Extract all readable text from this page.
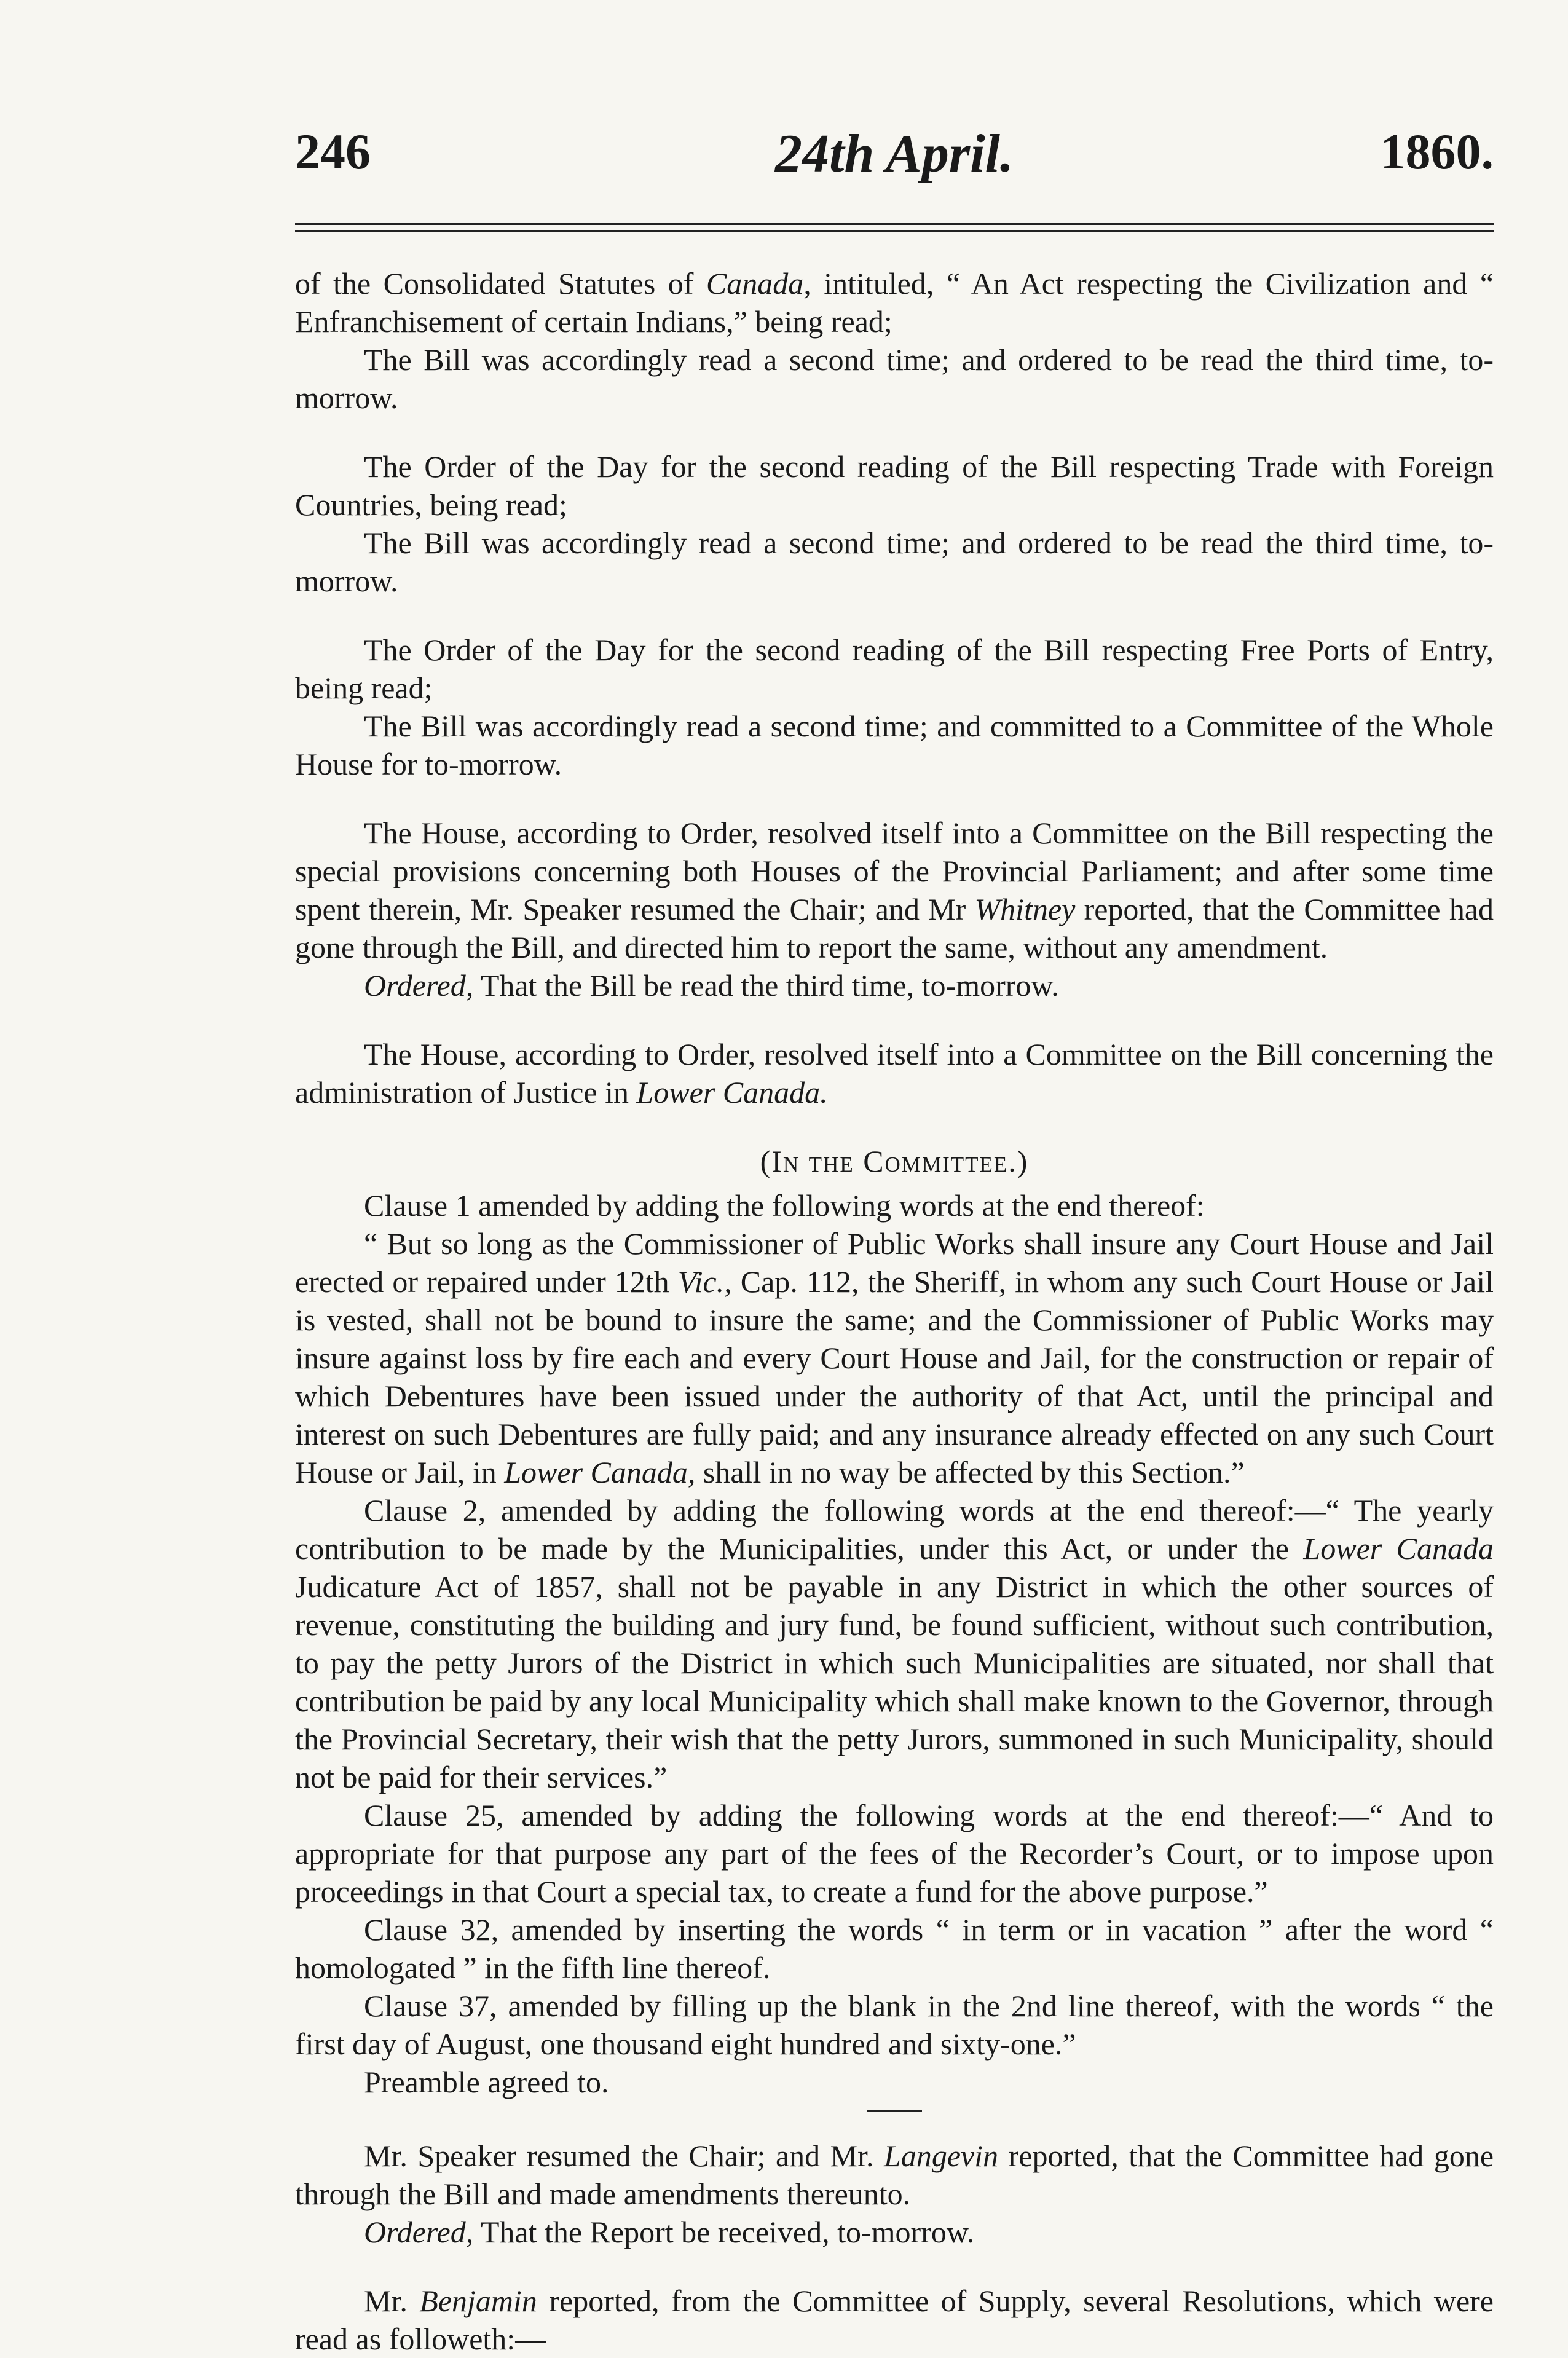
246	24th April.	1860.

of the Consolidated Statutes of Canada, intituled, “ An Act respecting the Civilization and “ Enfranchisement of certain Indians,” being read;

The Bill was accordingly read a second time; and ordered to be read the third time, to-morrow.

The Order of the Day for the second reading of the Bill respecting Trade with Foreign Countries, being read;

The Bill was accordingly read a second time; and ordered to be read the third time, to-morrow.

The Order of the Day for the second reading of the Bill respecting Free Ports of Entry, being read;

The Bill was accordingly read a second time; and committed to a Committee of the Whole House for to-morrow.

The House, according to Order, resolved itself into a Committee on the Bill respecting the special provisions concerning both Houses of the Provincial Parliament; and after some time spent therein, Mr. Speaker resumed the Chair; and Mr Whitney reported, that the Committee had gone through the Bill, and directed him to report the same, without any amendment.

Ordered, That the Bill be read the third time, to-morrow.

The House, according to Order, resolved itself into a Committee on the Bill concerning the administration of Justice in Lower Canada.

(In the Committee.)

Clause 1 amended by adding the following words at the end thereof:

“ But so long as the Commissioner of Public Works shall insure any Court House and Jail erected or repaired under 12th Vic., Cap. 112, the Sheriff, in whom any such Court House or Jail is vested, shall not be bound to insure the same; and the Commissioner of Public Works may insure against loss by fire each and every Court House and Jail, for the construction or repair of which Debentures have been issued under the authority of that Act, until the principal and interest on such Debentures are fully paid; and any insurance already effected on any such Court House or Jail, in Lower Canada, shall in no way be affected by this Section.”

Clause 2, amended by adding the following words at the end thereof:—“ The yearly contribution to be made by the Municipalities, under this Act, or under the Lower Canada Judicature Act of 1857, shall not be payable in any District in which the other sources of revenue, constituting the building and jury fund, be found sufficient, without such contribution, to pay the petty Jurors of the District in which such Municipalities are situated, nor shall that contribution be paid by any local Municipality which shall make known to the Governor, through the Provincial Secretary, their wish that the petty Jurors, summoned in such Municipality, should not be paid for their services.”

Clause 25, amended by adding the following words at the end thereof:—“ And to appropriate for that purpose any part of the fees of the Recorder’s Court, or to impose upon proceedings in that Court a special tax, to create a fund for the above purpose.”

Clause 32, amended by inserting the words “ in term or in vacation ” after the word “ homologated ” in the fifth line thereof.

Clause 37, amended by filling up the blank in the 2nd line thereof, with the words “ the first day of August, one thousand eight hundred and sixty-one.”

Preamble agreed to.

Mr. Speaker resumed the Chair; and Mr. Langevin reported, that the Committee had gone through the Bill and made amendments thereunto.

Ordered, That the Report be received, to-morrow.

Mr. Benjamin reported, from the Committee of Supply, several Resolutions, which were read as followeth:—
